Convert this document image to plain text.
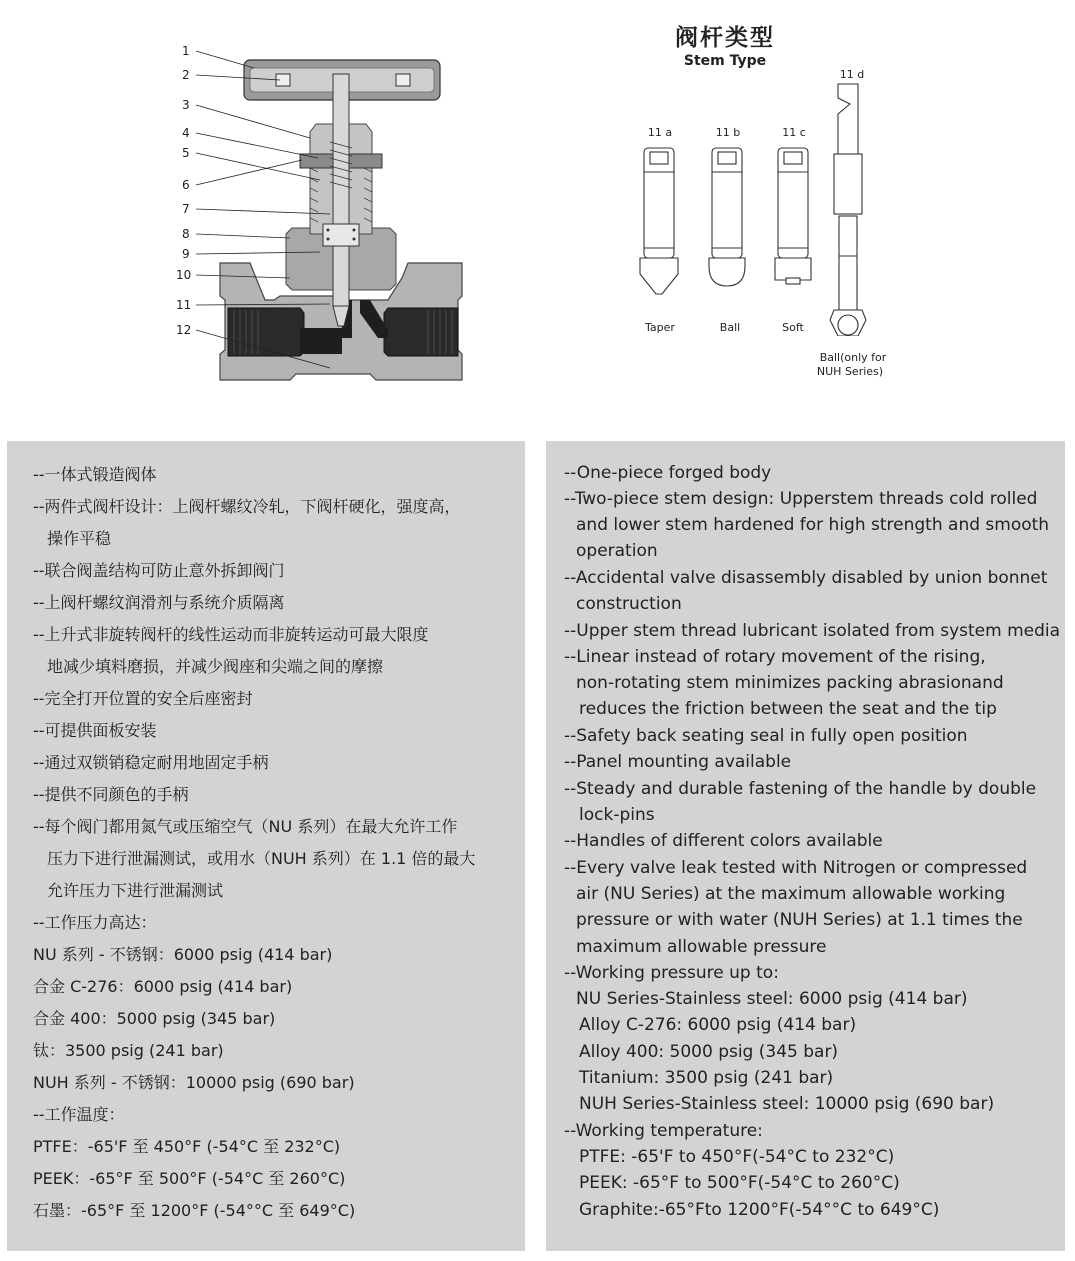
1
2
3
4
5
6
7
8
9
10
11
12
阀杆类型
Stem Type
11 a	11 b	11 c
11 d
Taper	Ball	Soft
Ball(only for
NUH Series)
--一体式锻造阀体
--两件式阀杆设计：上阀杆螺纹冷轧，下阀杆硬化，强度高，
操作平稳
--联合阀盖结构可防止意外拆卸阀门
--上阀杆螺纹润滑剂与系统介质隔离
--上升式非旋转阀杆的线性运动而非旋转运动可最大限度
地减少填料磨损，并减少阀座和尖端之间的摩擦
--完全打开位置的安全后座密封
--可提供面板安装
--通过双锁销稳定耐用地固定手柄
--提供不同颜色的手柄
--每个阀门都用氮气或压缩空气（NU 系列）在最大允许工作
压力下进行泄漏测试，或用水（NUH 系列）在 1.1 倍的最大
允许压力下进行泄漏测试
--工作压力高达：
NU 系列 - 不锈钢：6000 psig (414 bar)
合金 C-276：6000 psig (414 bar)
合金 400：5000 psig (345 bar)
钛：3500 psig (241 bar)
NUH 系列 - 不锈钢：10000 psig (690 bar)
--工作温度：
PTFE：-65'F 至 450°F (-54°C 至 232°C)
PEEK：-65°F 至 500°F (-54°C 至 260°C)
石墨：-65°F 至 1200°F (-54°°C 至 649°C)
--One-piece forged body
--Two-piece stem design: Upperstem threads cold rolled
and lower stem hardened for high strength and smooth
operation
--Accidental valve disassembly disabled by union bonnet
construction
--Upper stem thread lubricant isolated from system media
--Linear instead of rotary movement of the rising,
non-rotating stem minimizes packing abrasionand
reduces the friction between the seat and the tip
--Safety back seating seal in fully open position
--Panel mounting available
--Steady and durable fastening of the handle by double
lock-pins
--Handles of different colors available
--Every valve leak tested with Nitrogen or compressed
air (NU Series) at the maximum allowable working
pressure or with water (NUH Series) at 1.1 times the
maximum allowable pressure
--Working pressure up to:
NU Series-Stainless steel: 6000 psig (414 bar)
Alloy C-276: 6000 psig (414 bar)
Alloy 400: 5000 psig (345 bar)
Titanium: 3500 psig (241 bar)
NUH Series-Stainless steel: 10000 psig (690 bar)
--Working temperature:
PTFE: -65'F to 450°F(-54°C to 232°C)
PEEK: -65°F to 500°F(-54°C to 260°C)
Graphite:-65°Fto 1200°F(-54°°C to 649°C)
